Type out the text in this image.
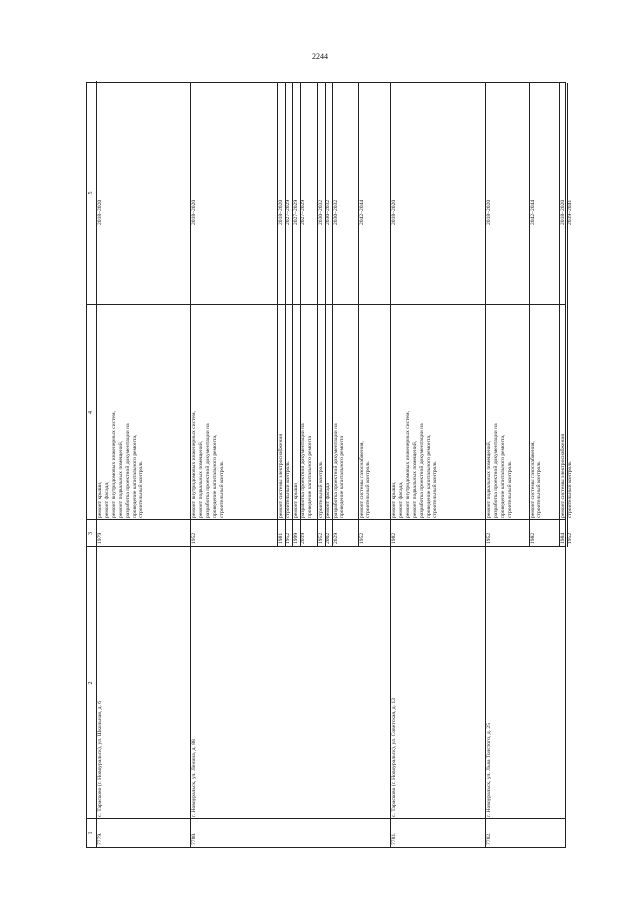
2244
1
2
3
4
5
7779.
с. Тарасково (г. Новоуральск), ул. Школьная, д. 6
1979
ремонт крыши, ремонт фасада, ремонт внутридомовых инженерных систем, ремонт подвальных помещений, разработка проектной документации на проведение капитального ремонта, строительный контроль
2018–2020
7780.
г. Новоуральск, ул. Ленина, д. 88
1952
ремонт внутридомовых инженерных систем, ремонт подвальных помещений, разработка проектной документации на проведение капитального ремонта, строительный контроль
2018–2020
1981
ремонт системы электроснабжения
2018–2020
1952
строительный контроль
2027–2029
1999
ремонт крыши
2027–2029
2019
разработка проектной документации на проведение капитального ремонта
2027–2029
1952
строительный контроль
2030–2032
2002
ремонт фасада
2030–2032
2029
разработка проектной документации на проведение капитального ремонта
2030–2032
1952
ремонт системы газоснабжения, строительный контроль
2042–2044
7781.
с. Тарасково (г. Новоуральск), ул. Советская, д. 13
1982
ремонт крыши, ремонт фасада, ремонт внутридомовых инженерных систем, ремонт подвальных помещений, разработка проектной документации на проведение капитального ремонта, строительный контроль
2018–2020
1982
ремонт системы газоснабжения, строительный контроль
2042–2044
7782.
г. Новоуральск, ул. Льва Толстого, д. 25
1952
ремонт подвальных помещений, разработка проектной документации на проведение капитального ремонта, строительный контроль
2018–2020
1984
ремонт системы электроснабжения
2018–2020
1952
строительный контроль
2039–2041
